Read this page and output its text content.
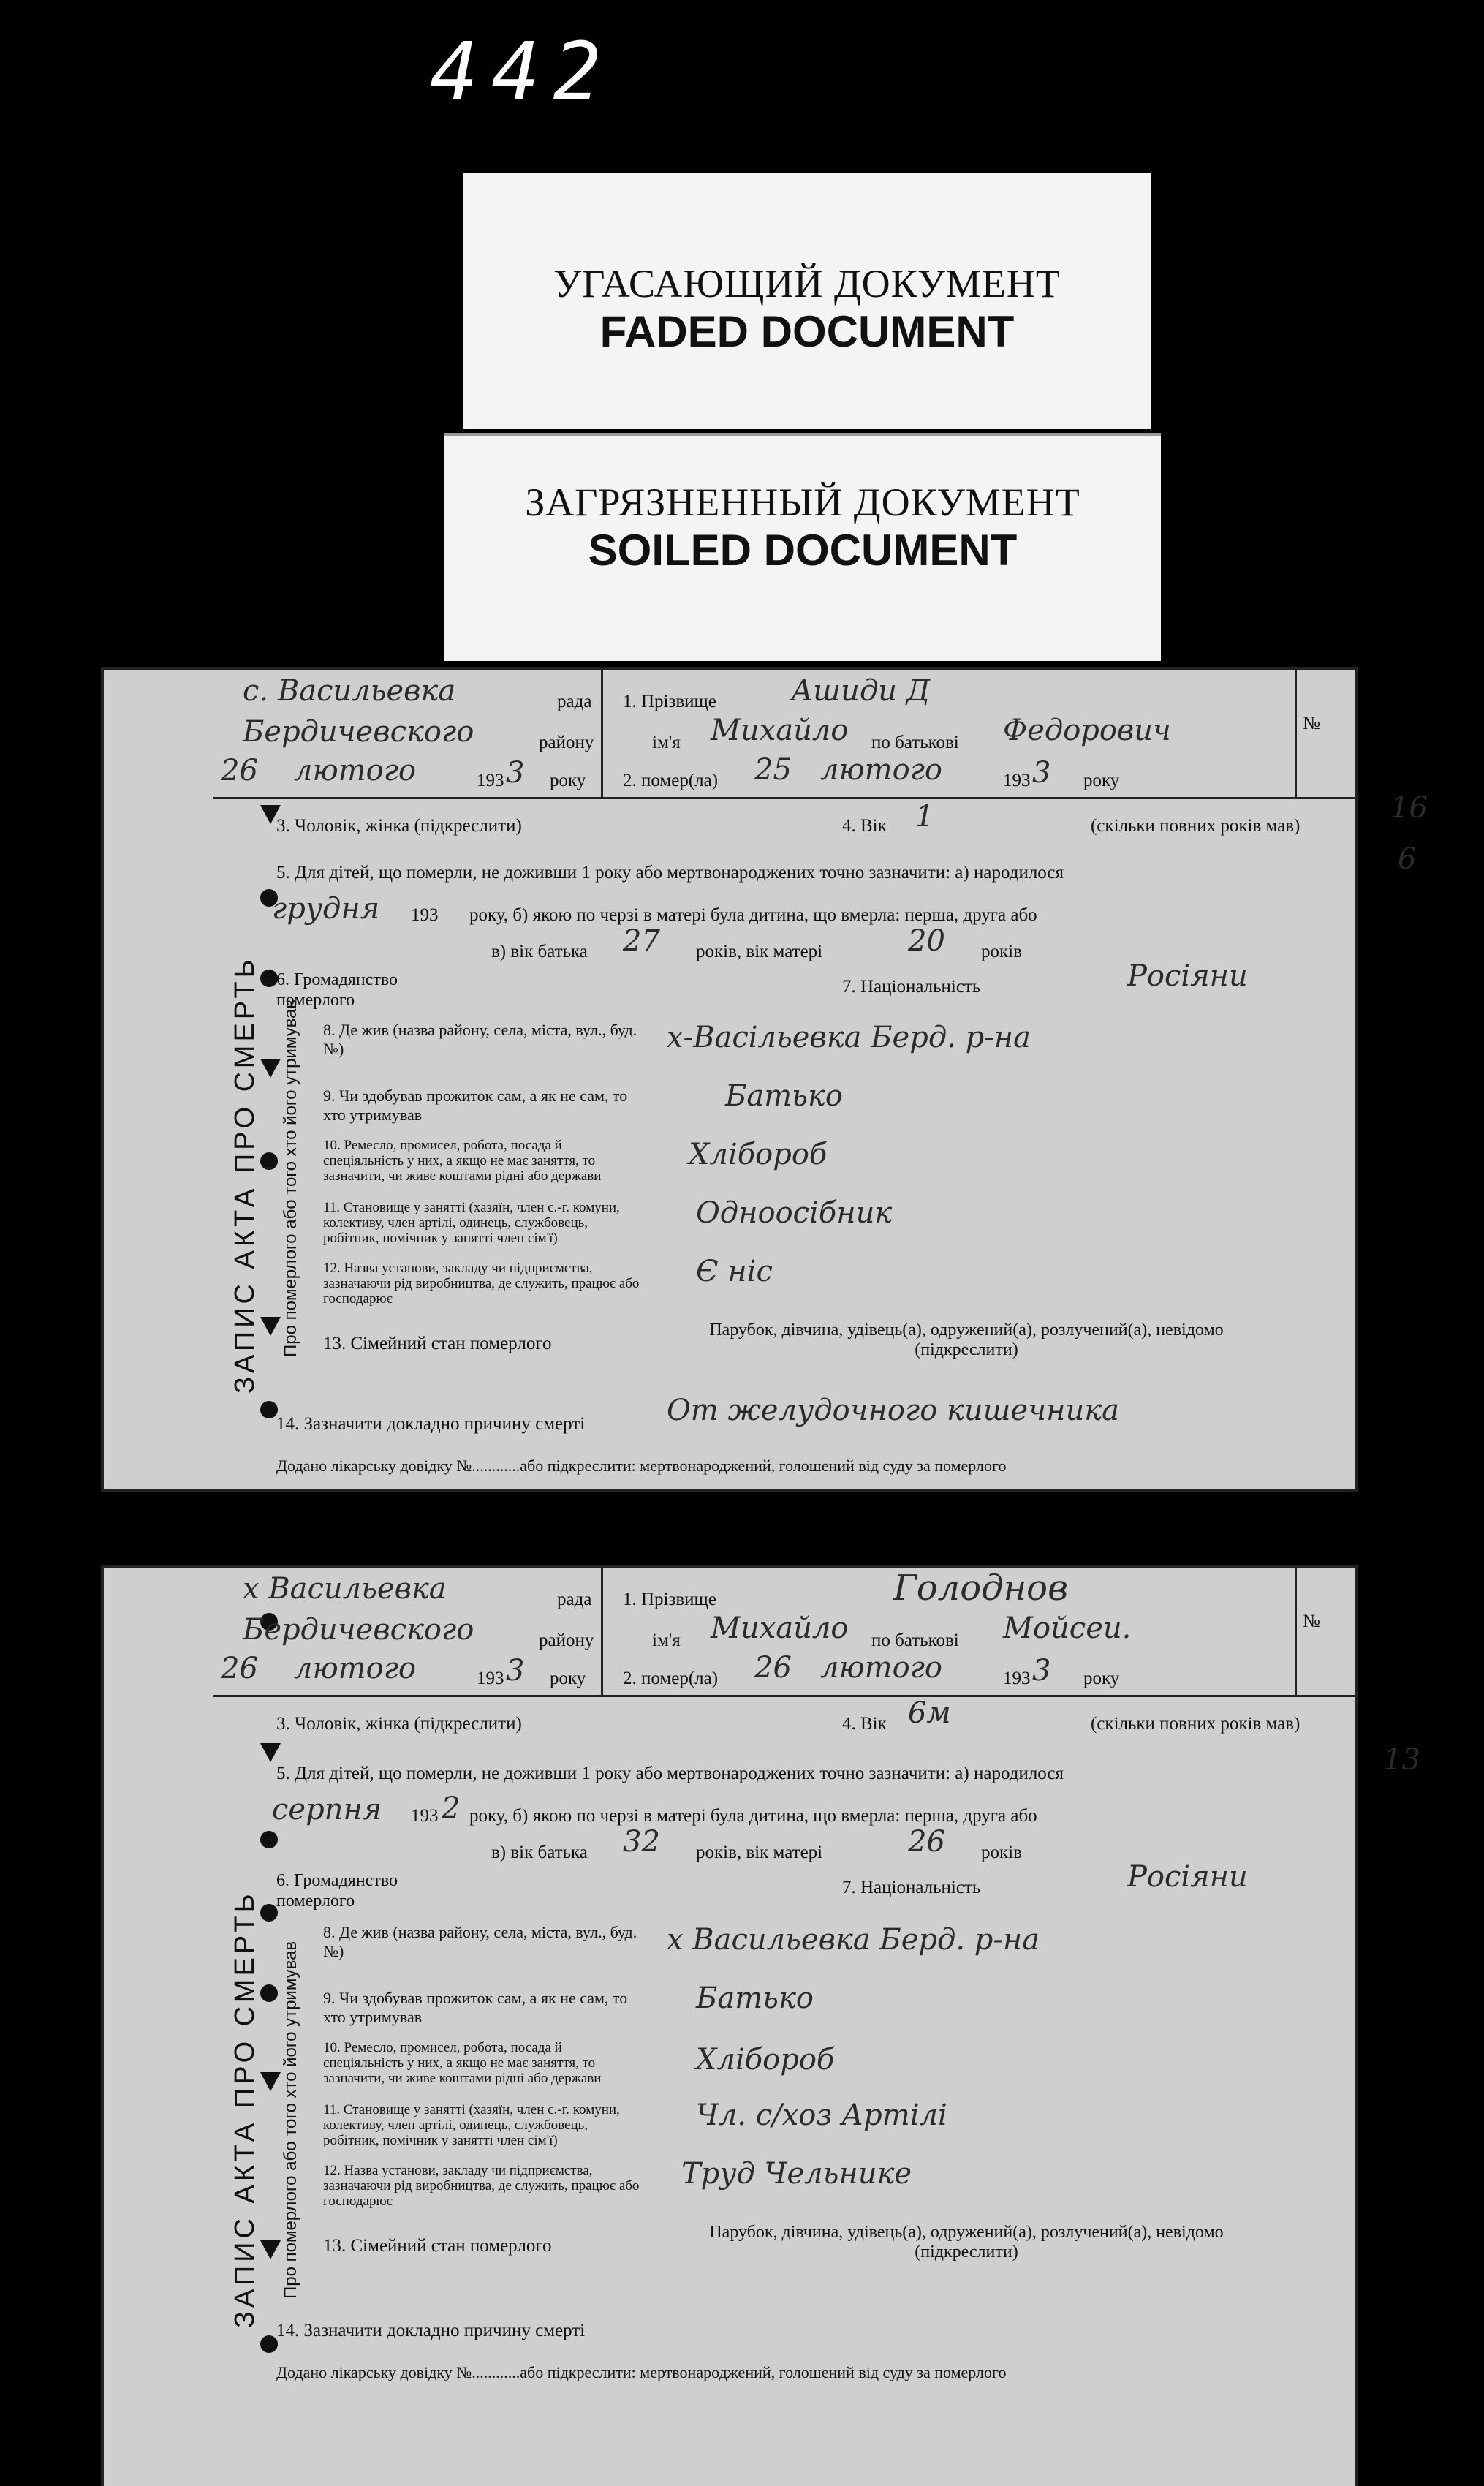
442
УГАСАЮЩИЙ ДОКУМЕНТ
FADED DOCUMENT
ЗАГРЯЗНЕННЫЙ ДОКУМЕНТ
SOILED DOCUMENT
с. Васильевка	рада
Бердичевского	району
26 лютого	193 3 року
1. Прізвище	Ашиди Д
ім'я Михайло по батькові Федорович
2. помер(ла) 25 лютого	193 3 року
№
ЗАПИС АКТА ПРО СМЕРТЬ Про померлого або того хто його утримував
3. Чоловік, жінка (підкреслити)	4. Вік 1	(скільки повних років мав)
16
5. Для дітей, що померли, не доживши 1 року або мертвонароджених точно зазначити: а) народилося	6
грудня 193 року, б) якою по черзі в матері була дитина, що вмерла: перша, друга або
в) вік батька 27 років, вік матері	20 років
6. Громадянство померлого
7. Національність	Росіяни
8. Де жив (назва району, села, міста, вул., буд. №)	х-Васільевка Берд. р-на
9. Чи здобував прожиток сам, а як не сам, то хто утримував
Батько
10. Ремесло, промисел, робота, посада й спеціяльність у них, а якщо не має заняття, то зазначити, чи живе коштами рідні або держави
Хлібороб
11. Становище у занятті (хазяїн, член с.-г. комуни, колективу, член артілі, одинець, службовець, робітник, помічник у занятті член сім'ї)
Одноосібник
12. Назва установи, закладу чи підприємства, зазначаючи рід виробництва, де служить, працює або господарює
Є ніс
13. Сімейний стан померлого
Парубок, дівчина, удівець(а), одружений(а), розлучений(а), невідомо (підкреслити)
14. Зазначити докладно причину смерті	От желудочного кишечника
Додано лікарську довідку №............або підкреслити: мертвонароджений, голошений від суду за померлого
х Васильевка	рада
Бердичевского	району
26 лютого	193 3 року
1. Прізвище	Голоднов
ім'я Михайло по батькові Мойсеи.
2. помер(ла) 26 лютого	193 3 року
№
ЗАПИС АКТА ПРО СМЕРТЬ Про померлого або того хто його утримував
3. Чоловік, жінка (підкреслити)	4. Вік 6м	(скільки повних років мав)
5. Для дітей, що померли, не доживши 1 року або мертвонароджених точно зазначити: а) народилося	13
серпня 193 2 року, б) якою по черзі в матері була дитина, що вмерла: перша, друга або
в) вік батька 32 років, вік матері	26 років
6. Громадянство померлого
7. Національність	Росіяни
8. Де жив (назва району, села, міста, вул., буд. №)	х Васильевка Берд. р-на
9. Чи здобував прожиток сам, а як не сам, то хто утримував
Батько
10. Ремесло, промисел, робота, посада й спеціяльність у них, а якщо не має заняття, то зазначити, чи живе коштами рідні або держави
Хлібороб
11. Становище у занятті (хазяїн, член с.-г. комуни, колективу, член артілі, одинець, службовець, робітник, помічник у занятті член сім'ї)
Чл. с/хоз Артілі
12. Назва установи, закладу чи підприємства, зазначаючи рід виробництва, де служить, працює або господарює
Труд Чельнике
13. Сімейний стан померлого
Парубок, дівчина, удівець(а), одружений(а), розлучений(а), невідомо (підкреслити)
14. Зазначити докладно причину смерті
Додано лікарську довідку №............або підкреслити: мертвонароджений, голошений від суду за померлого
